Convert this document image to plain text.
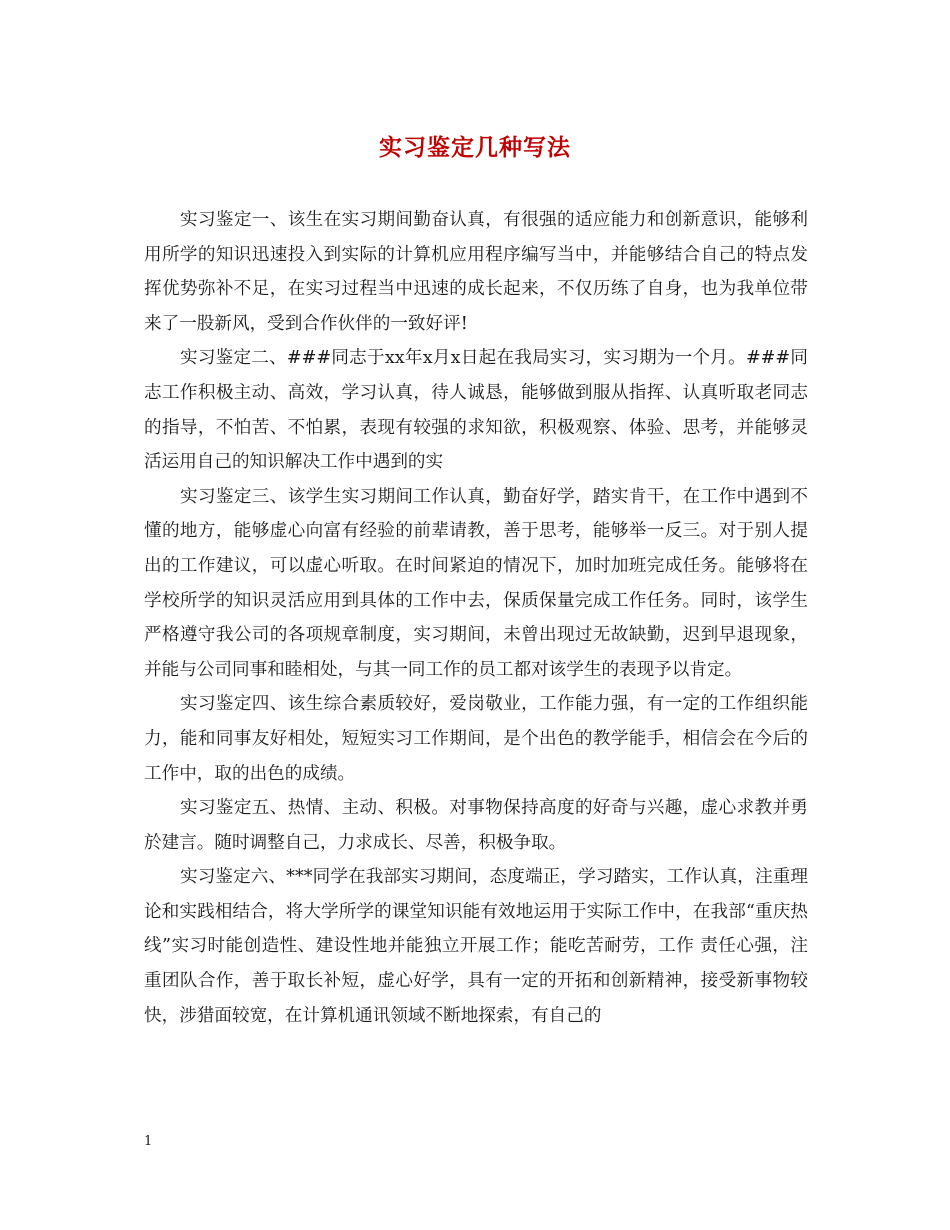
实习鉴定几种写法

实习鉴定一、该生在实习期间勤奋认真，有很强的适应能力和创新意识，能够利用所学的知识迅速投入到实际的计算机应用程序编写当中，并能够结合自己的特点发挥优势弥补不足，在实习过程当中迅速的成长起来，不仅历练了自身，也为我单位带来了一股新风，受到合作伙伴的一致好评!

实习鉴定二、###同志于xx年x月x日起在我局实习，实习期为一个月。###同志工作积极主动、高效，学习认真，待人诚恳，能够做到服从指挥、认真听取老同志的指导，不怕苦、不怕累，表现有较强的求知欲，积极观察、体验、思考，并能够灵活运用自己的知识解决工作中遇到的实

实习鉴定三、该学生实习期间工作认真，勤奋好学，踏实肯干，在工作中遇到不懂的地方，能够虚心向富有经验的前辈请教，善于思考，能够举一反三。对于别人提出的工作建议，可以虚心听取。在时间紧迫的情况下，加时加班完成任务。能够将在学校所学的知识灵活应用到具体的工作中去，保质保量完成工作任务。同时，该学生严格遵守我公司的各项规章制度，实习期间，未曾出现过无故缺勤，迟到早退现象，并能与公司同事和睦相处，与其一同工作的员工都对该学生的表现予以肯定。

实习鉴定四、该生综合素质较好，爱岗敬业，工作能力强，有一定的工作组织能力，能和同事友好相处，短短实习工作期间，是个出色的教学能手，相信会在今后的工作中，取的出色的成绩。

实习鉴定五、热情、主动、积极。对事物保持高度的好奇与兴趣，虚心求教并勇於建言。随时调整自己，力求成长、尽善，积极争取。

实习鉴定六、***同学在我部实习期间，态度端正，学习踏实，工作认真，注重理论和实践相结合，将大学所学的课堂知识能有效地运用于实际工作中，在我部“重庆热线”实习时能创造性、建设性地并能独立开展工作；能吃苦耐劳，工作 责任心强，注重团队合作，善于取长补短，虚心好学，具有一定的开拓和创新精神，接受新事物较快，涉猎面较宽，在计算机通讯领域不断地探索，有自己的

1
